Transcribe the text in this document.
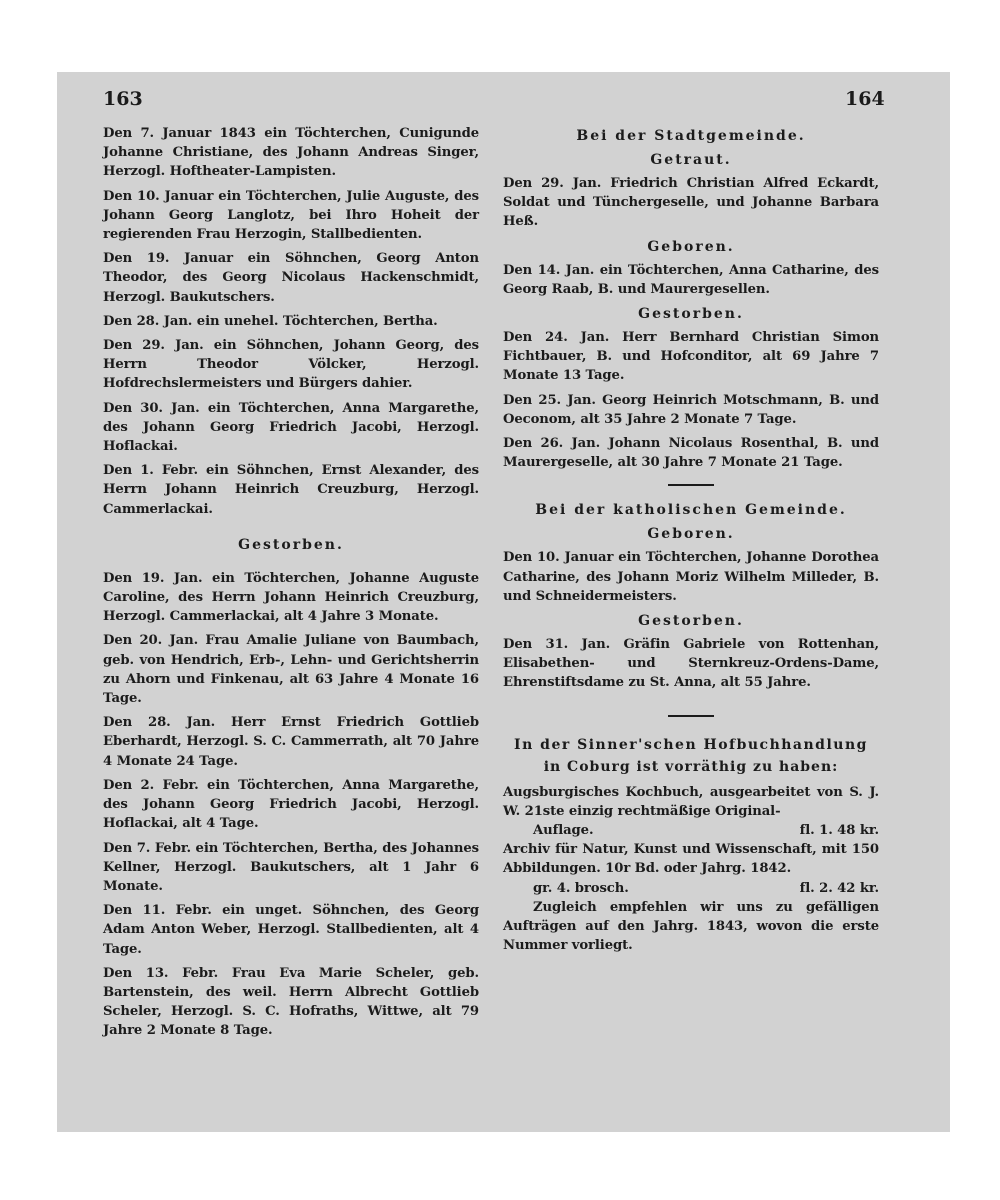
163	164

Den 7. Januar 1843 ein Töchterchen, Cunigunde Johanne Christiane, des Johann Andreas Singer, Herzogl. Hoftheater-Lampisten.

Den 10. Januar ein Töchterchen, Julie Auguste, des Johann Georg Langlotz, bei Ihro Hoheit der regierenden Frau Herzogin, Stallbedienten.

Den 19. Januar ein Söhnchen, Georg Anton Theodor, des Georg Nicolaus Hackenschmidt, Herzogl. Baukutschers.

Den 28. Jan. ein unehel. Töchterchen, Bertha.

Den 29. Jan. ein Söhnchen, Johann Georg, des Herrn Theodor Völcker, Herzogl. Hofdrechslermeisters und Bürgers dahier.

Den 30. Jan. ein Töchterchen, Anna Margarethe, des Johann Georg Friedrich Jacobi, Herzogl. Hoflackai.

Den 1. Febr. ein Söhnchen, Ernst Alexander, des Herrn Johann Heinrich Creuzburg, Herzogl. Cammerlackai.

Gestorben.

Den 19. Jan. ein Töchterchen, Johanne Auguste Caroline, des Herrn Johann Heinrich Creuzburg, Herzogl. Cammerlackai, alt 4 Jahre 3 Monate.

Den 20. Jan. Frau Amalie Juliane von Baumbach, geb. von Hendrich, Erb-, Lehn- und Gerichtsherrin zu Ahorn und Finkenau, alt 63 Jahre 4 Monate 16 Tage.

Den 28. Jan. Herr Ernst Friedrich Gottlieb Eberhardt, Herzogl. S. C. Cammerrath, alt 70 Jahre 4 Monate 24 Tage.

Den 2. Febr. ein Töchterchen, Anna Margarethe, des Johann Georg Friedrich Jacobi, Herzogl. Hoflackai, alt 4 Tage.

Den 7. Febr. ein Töchterchen, Bertha, des Johannes Kellner, Herzogl. Baukutschers, alt 1 Jahr 6 Monate.

Den 11. Febr. ein unget. Söhnchen, des Georg Adam Anton Weber, Herzogl. Stallbedienten, alt 4 Tage.

Den 13. Febr. Frau Eva Marie Scheler, geb. Bartenstein, des weil. Herrn Albrecht Gottlieb Scheler, Herzogl. S. C. Hofraths, Wittwe, alt 79 Jahre 2 Monate 8 Tage.

Bei der Stadtgemeinde.
Getraut.

Den 29. Jan. Friedrich Christian Alfred Eckardt, Soldat und Tünchergeselle, und Johanne Barbara Heß.

Geboren.

Den 14. Jan. ein Töchterchen, Anna Catharine, des Georg Raab, B. und Maurergesellen.

Gestorben.

Den 24. Jan. Herr Bernhard Christian Simon Fichtbauer, B. und Hofconditor, alt 69 Jahre 7 Monate 13 Tage.

Den 25. Jan. Georg Heinrich Motschmann, B. und Oeconom, alt 35 Jahre 2 Monate 7 Tage.

Den 26. Jan. Johann Nicolaus Rosenthal, B. und Maurergeselle, alt 30 Jahre 7 Monate 21 Tage.

Bei der katholischen Gemeinde.
Geboren.

Den 10. Januar ein Töchterchen, Johanne Dorothea Catharine, des Johann Moriz Wilhelm Milleder, B. und Schneidermeisters.

Gestorben.

Den 31. Jan. Gräfin Gabriele von Rottenhan, Elisabethen- und Sternkreuz-Ordens-Dame, Ehrenstiftsdame zu St. Anna, alt 55 Jahre.

In der Sinner'schen Hofbuchhandlung
in Coburg ist vorräthig zu haben:

Augsburgisches Kochbuch, ausgearbeitet von S. J. W. 21ste einzig rechtmäßige Original-

Auflage.	fl. 1. 48 kr.

Archiv für Natur, Kunst und Wissenschaft, mit 150 Abbildungen. 10r Bd. oder Jahrg. 1842.

gr. 4. brosch.	fl. 2. 42 kr.

Zugleich empfehlen wir uns zu gefälligen Aufträgen auf den Jahrg. 1843, wovon die erste Nummer vorliegt.
